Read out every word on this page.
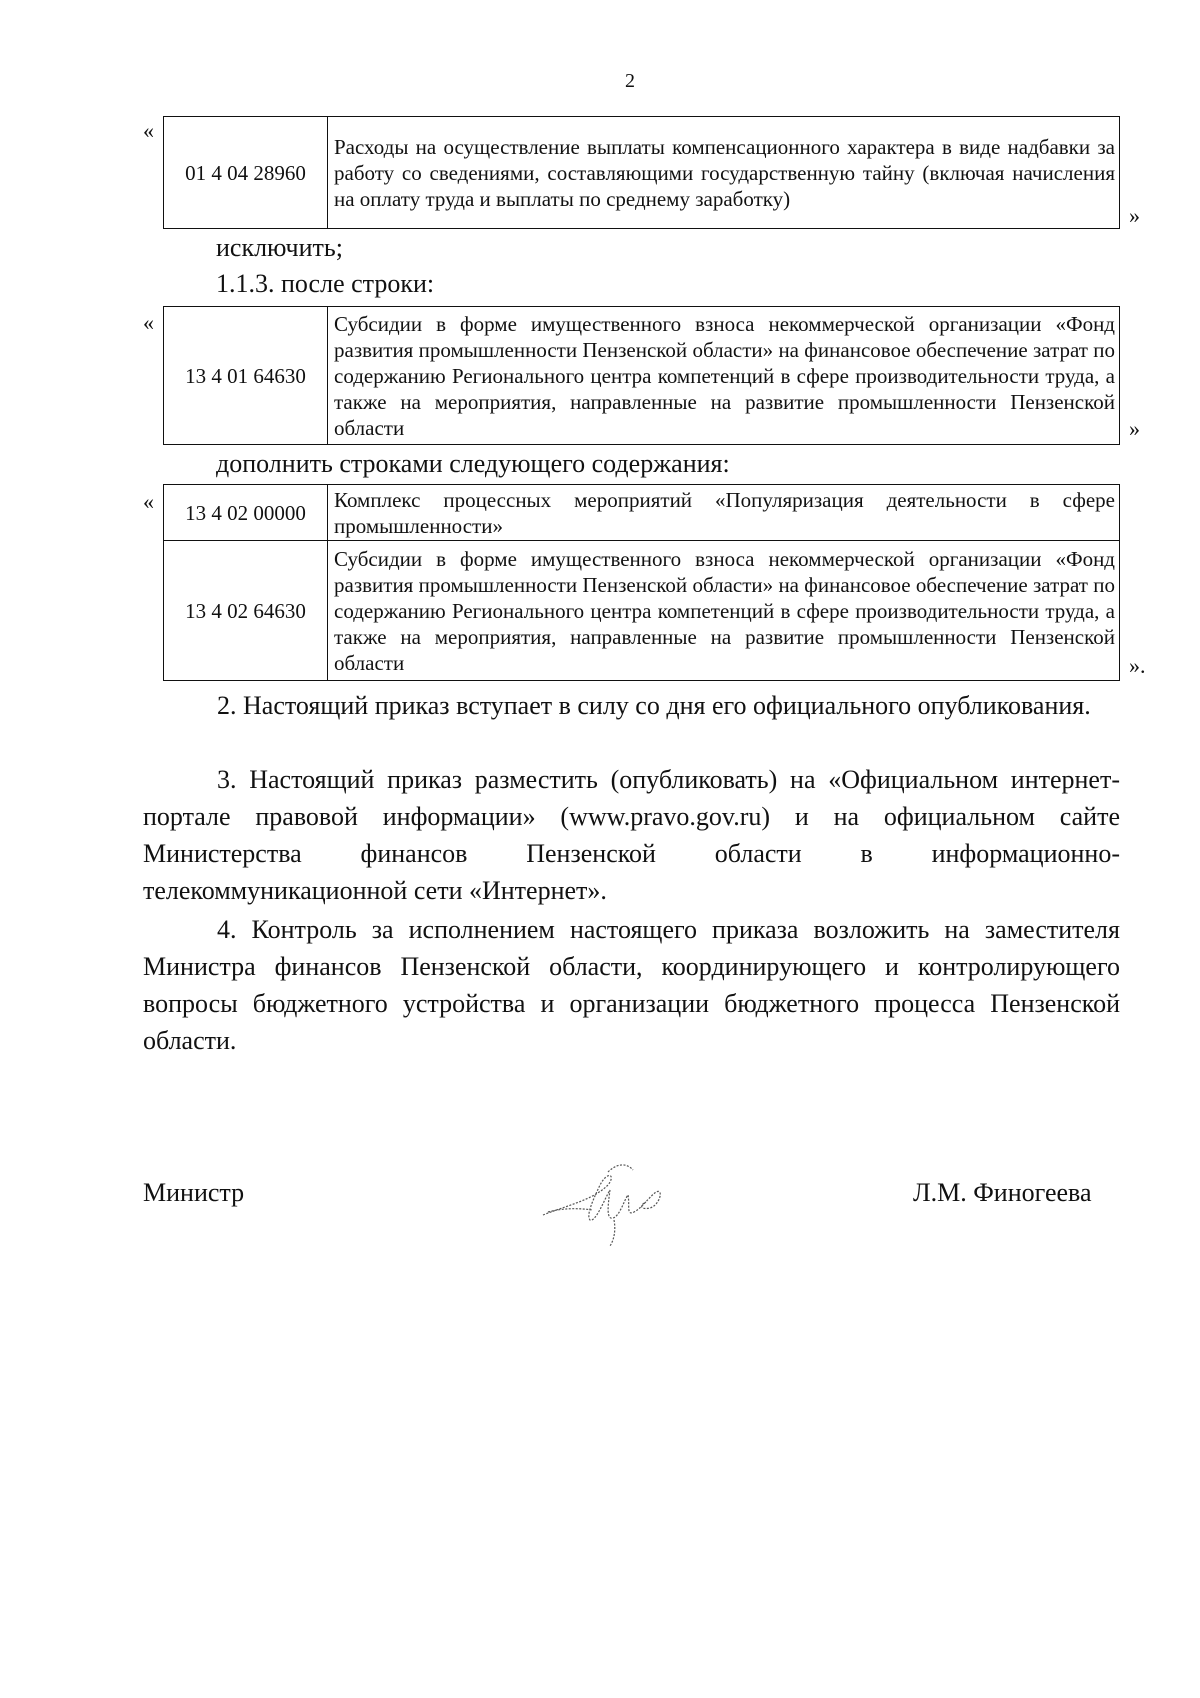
2
«
01 4 04 28960	Расходы на осуществление выплаты компенсационного характера в виде надбавки за работу со сведениями, составляющими государственную тайну (включая начисления на оплату труда и выплаты по среднему заработку)
»
исключить;
1.1.3. после строки:
«
13 4 01 64630	Субсидии в форме имущественного взноса некоммерческой организации «Фонд развития промышленности Пензенской области» на финансовое обеспечение затрат по содержанию Регионального центра компетенций в сфере производительности труда, а также на мероприятия, направленные на развитие промышленности Пензенской области	»
дополнить строками следующего содержания:
« 13 4 02 00000	Комплекс процессных мероприятий «Популяризация деятельности в сфере промышленности»
13 4 02 64630	Субсидии в форме имущественного взноса некоммерческой организации «Фонд развития промышленности Пензенской области» на финансовое обеспечение затрат по содержанию Регионального центра компетенций в сфере производительности труда, а также на мероприятия, направленные на развитие промышленности Пензенской области	».
2. Настоящий приказ вступает в силу со дня его официального опубликования.
3. Настоящий приказ разместить (опубликовать) на «Официальном интернет-портале правовой информации» (www.pravo.gov.ru) и на официальном сайте Министерства финансов Пензенской области в информационно-телекоммуникационной сети «Интернет».
4. Контроль за исполнением настоящего приказа возложить на заместителя Министра финансов Пензенской области, координирующего и контролирующего вопросы бюджетного устройства и организации бюджетного процесса Пензенской области.
Министр	Л.М. Финогеева
